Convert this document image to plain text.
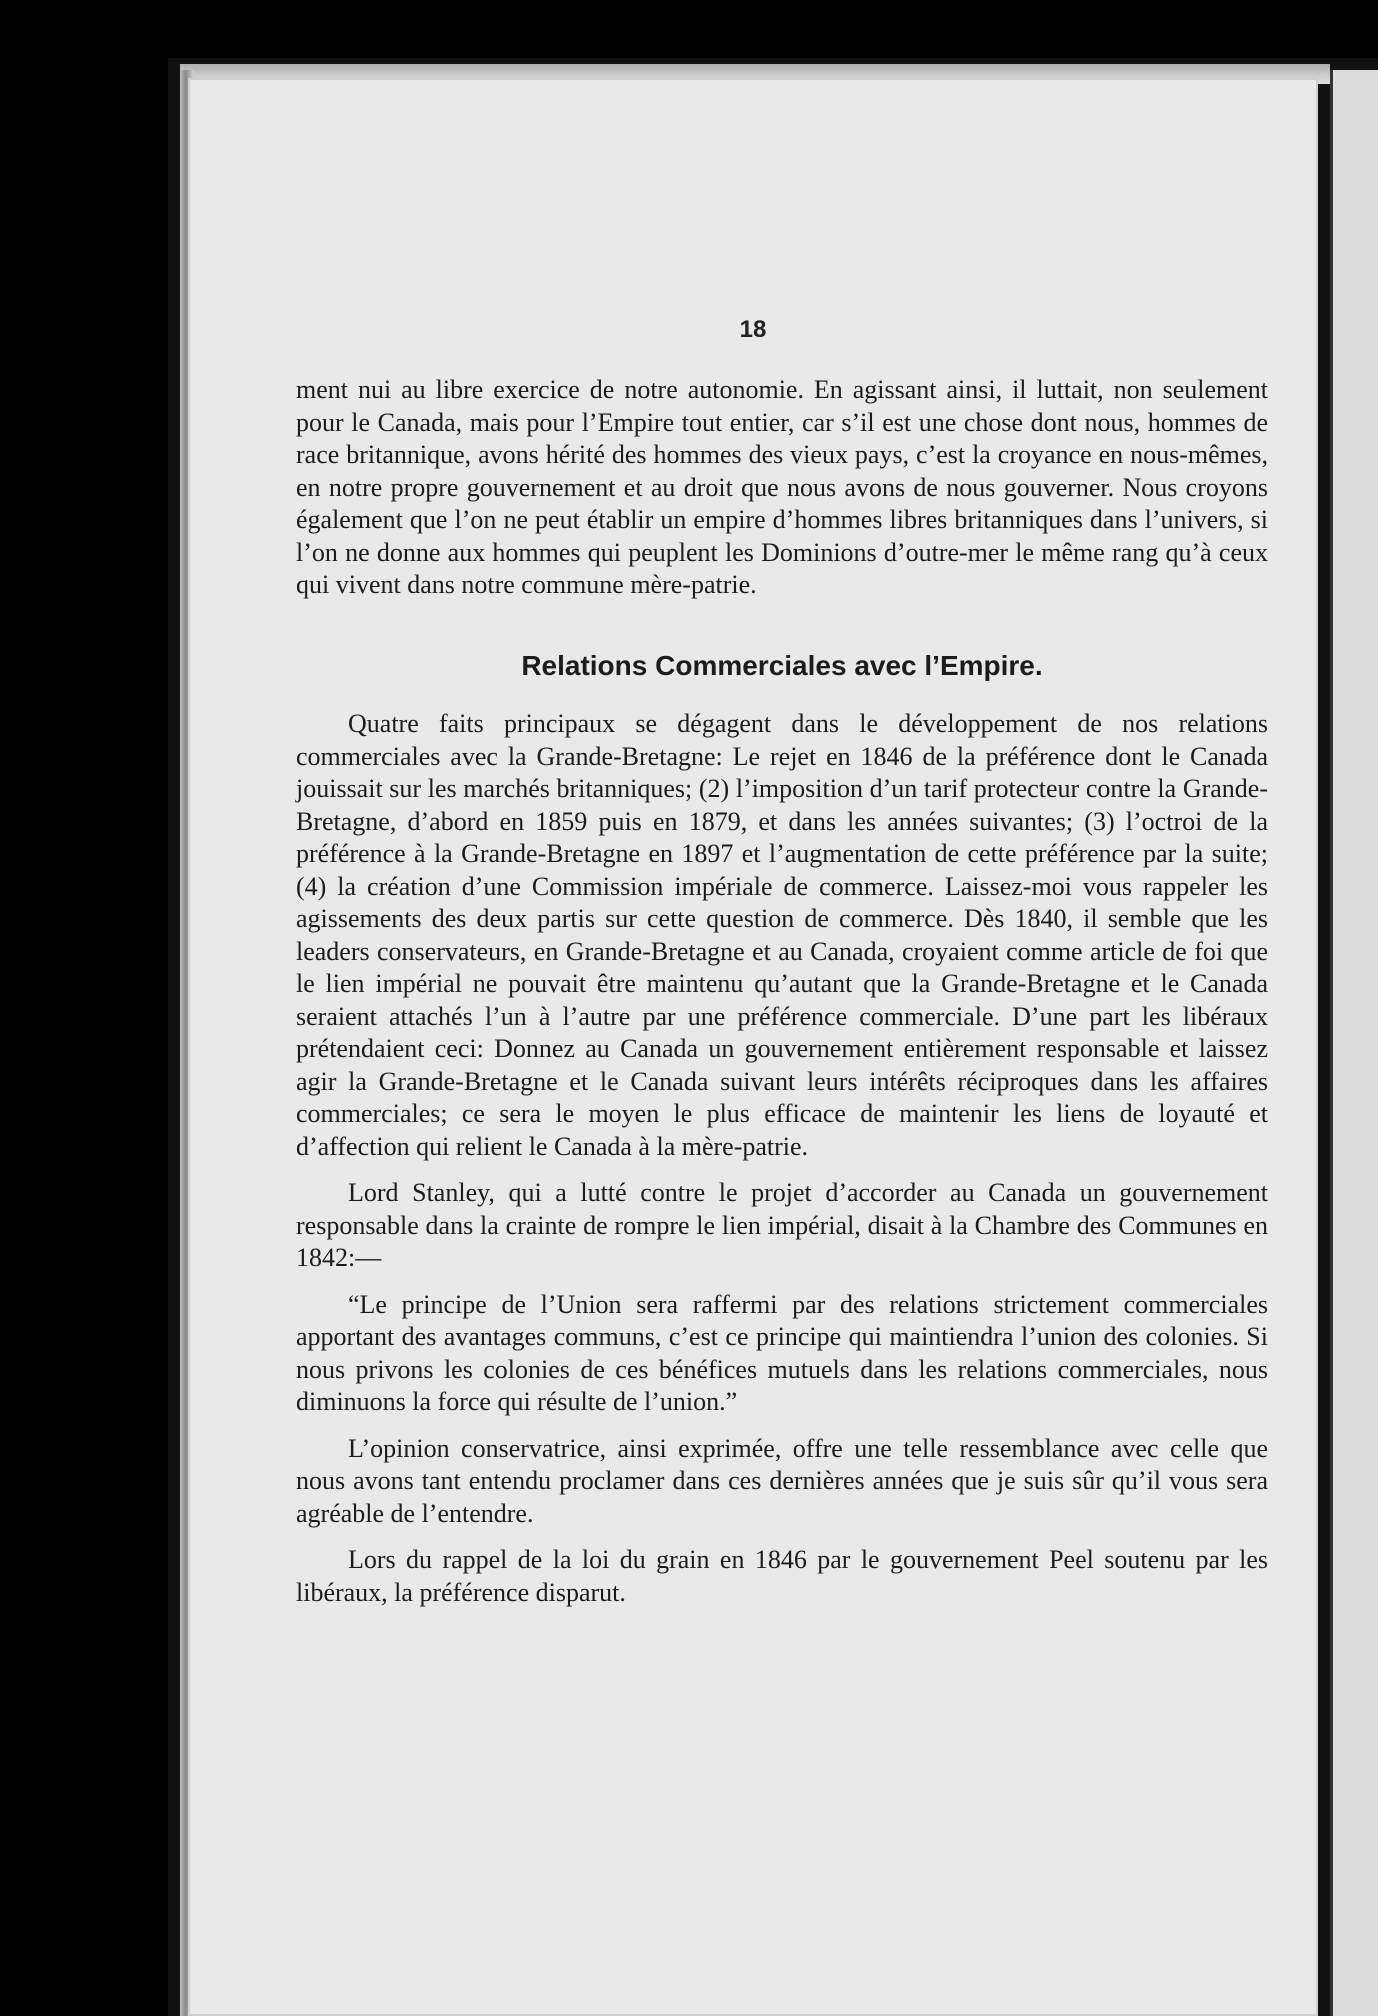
18

ment nui au libre exercice de notre autonomie. En agissant ainsi, il luttait, non seulement pour le Canada, mais pour l’Empire tout entier, car s’il est une chose dont nous, hommes de race britannique, avons hérité des hommes des vieux pays, c’est la croyance en nous-mêmes, en notre propre gouvernement et au droit que nous avons de nous gouverner. Nous croyons également que l’on ne peut établir un empire d’hommes libres britanniques dans l’univers, si l’on ne donne aux hommes qui peuplent les Dominions d’outre-mer le même rang qu’à ceux qui vivent dans notre commune mère-patrie.

Relations Commerciales avec l’Empire.

Quatre faits principaux se dégagent dans le développement de nos relations commerciales avec la Grande-Bretagne: Le rejet en 1846 de la préférence dont le Canada jouissait sur les marchés britanniques; (2) l’imposition d’un tarif protecteur contre la Grande-Bretagne, d’abord en 1859 puis en 1879, et dans les années suivantes; (3) l’octroi de la préférence à la Grande-Bretagne en 1897 et l’augmentation de cette préférence par la suite; (4) la création d’une Commission impériale de commerce. Laissez-moi vous rappeler les agissements des deux partis sur cette question de commerce. Dès 1840, il semble que les leaders conservateurs, en Grande-Bretagne et au Canada, croyaient comme article de foi que le lien impérial ne pouvait être maintenu qu’autant que la Grande-Bretagne et le Canada seraient attachés l’un à l’autre par une préférence commerciale. D’une part les libéraux prétendaient ceci: Donnez au Canada un gouvernement entièrement responsable et laissez agir la Grande-Bretagne et le Canada suivant leurs intérêts réciproques dans les affaires commerciales; ce sera le moyen le plus efficace de maintenir les liens de loyauté et d’affection qui relient le Canada à la mère-patrie.

Lord Stanley, qui a lutté contre le projet d’accorder au Canada un gouvernement responsable dans la crainte de rompre le lien impérial, disait à la Chambre des Communes en 1842:—

“Le principe de l’Union sera raffermi par des relations strictement commerciales apportant des avantages communs, c’est ce principe qui maintiendra l’union des colonies. Si nous privons les colonies de ces bénéfices mutuels dans les relations commerciales, nous diminuons la force qui résulte de l’union.”

L’opinion conservatrice, ainsi exprimée, offre une telle ressemblance avec celle que nous avons tant entendu proclamer dans ces dernières années que je suis sûr qu’il vous sera agréable de l’entendre.

Lors du rappel de la loi du grain en 1846 par le gouvernement Peel soutenu par les libéraux, la préférence disparut.
